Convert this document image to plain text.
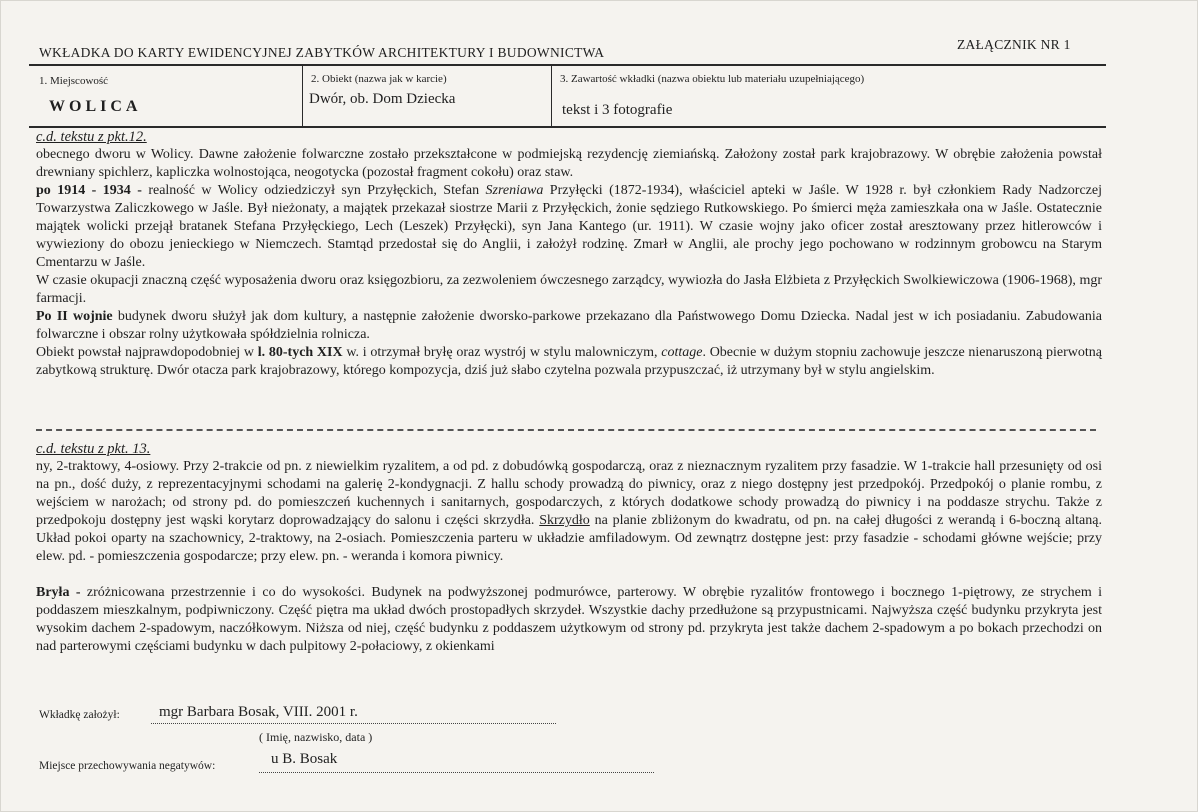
WKŁADKA DO KARTY EWIDENCYJNEJ ZABYTKÓW ARCHITEKTURY I BUDOWNICTWA
ZAŁĄCZNIK NR 1
1. Miejscowość
WOLICA
2. Obiekt (nazwa jak w karcie)
Dwór, ob. Dom Dziecka
3. Zawartość wkładki (nazwa obiektu lub materiału uzupełniającego)
tekst i 3 fotografie
c.d. tekstu z pkt.12.
obecnego dworu w Wolicy. Dawne założenie folwarczne zostało przekształcone w podmiejską rezydencję ziemiańską. Założony został park krajobrazowy. W obrębie założenia powstał drewniany spichlerz, kapliczka wolnostojąca, neogotycka (pozostał fragment cokołu) oraz staw.
po 1914 - 1934 - realność w Wolicy odziedziczył syn Przyłęckich, Stefan Szreniawa Przyłęcki (1872-1934), właściciel apteki w Jaśle. W 1928 r. był członkiem Rady Nadzorczej Towarzystwa Zaliczkowego w Jaśle. Był nieżonaty, a majątek przekazał siostrze Marii z Przyłęckich, żonie sędziego Rutkowskiego. Po śmierci męża zamieszkała ona w Jaśle. Ostatecznie majątek wolicki przejął bratanek Stefana Przyłęckiego, Lech (Leszek) Przyłęcki), syn Jana Kantego (ur. 1911). W czasie wojny jako oficer został aresztowany przez hitlerowców i wywieziony do obozu jenieckiego w Niemczech. Stamtąd przedostał się do Anglii, i założył rodzinę. Zmarł w Anglii, ale prochy jego pochowano w rodzinnym grobowcu na Starym Cmentarzu w Jaśle.
W czasie okupacji znaczną część wyposażenia dworu oraz księgozbioru, za zezwoleniem ówczesnego zarządcy, wywiozła do Jasła Elżbieta z Przyłęckich Swolkiewiczowa (1906-1968), mgr farmacji.
Po II wojnie budynek dworu służył jak dom kultury, a następnie założenie dworsko-parkowe przekazano dla Państwowego Domu Dziecka. Nadal jest w ich posiadaniu. Zabudowania folwarczne i obszar rolny użytkowała spółdzielnia rolnicza.
Obiekt powstał najprawdopodobniej w l. 80-tych XIX w. i otrzymał bryłę oraz wystrój w stylu malowniczym, cottage. Obecnie w dużym stopniu zachowuje jeszcze nienaruszoną pierwotną zabytkową strukturę. Dwór otacza park krajobrazowy, którego kompozycja, dziś już słabo czytelna pozwala przypuszczać, iż utrzymany był w stylu angielskim.
c.d. tekstu z pkt. 13.
ny, 2-traktowy, 4-osiowy. Przy 2-trakcie od pn. z niewielkim ryzalitem, a od pd. z dobudówką gospodarczą, oraz z nieznacznym ryzalitem przy fasadzie. W 1-trakcie hall przesunięty od osi na pn., dość duży, z reprezentacyjnymi schodami na galerię 2-kondygnacji. Z hallu schody prowadzą do piwnicy, oraz z niego dostępny jest przedpokój. Przedpokój o planie rombu, z wejściem w narożach; od strony pd. do pomieszczeń kuchennych i sanitarnych, gospodarczych, z których dodatkowe schody prowadzą do piwnicy i na poddasze strychu. Także z przedpokoju dostępny jest wąski korytarz doprowadzający do salonu i części skrzydła. Skrzydło na planie zbliżonym do kwadratu, od pn. na całej długości z werandą i 6-boczną altaną. Układ pokoi oparty na szachownicy, 2-traktowy, na 2-osiach. Pomieszczenia parteru w układzie amfiladowym. Od zewnątrz dostępne jest: przy fasadzie - schodami główne wejście; przy elew. pd. - pomieszczenia gospodarcze; przy elew. pn. - weranda i komora piwnicy.
Bryła - zróżnicowana przestrzennie i co do wysokości. Budynek na podwyższonej podmurówce, parterowy. W obrębie ryzalitów frontowego i bocznego 1-piętrowy, ze strychem i poddaszem mieszkalnym, podpiwniczony. Część piętra ma układ dwóch prostopadłych skrzydeł. Wszystkie dachy przedłużone są przypustnicami. Najwyższa część budynku przykryta jest wysokim dachem 2-spadowym, naczółkowym. Niższa od niej, część budynku z poddaszem użytkowym od strony pd. przykryta jest także dachem 2-spadowym a po bokach przechodzi on nad parterowymi częściami budynku w dach pulpitowy 2-połaciowy, z okienkami
Wkładkę założył:	mgr Barbara Bosak, VIII. 2001 r.
( Imię, nazwisko, data )
Miejsce przechowywania negatywów:	u B. Bosak
